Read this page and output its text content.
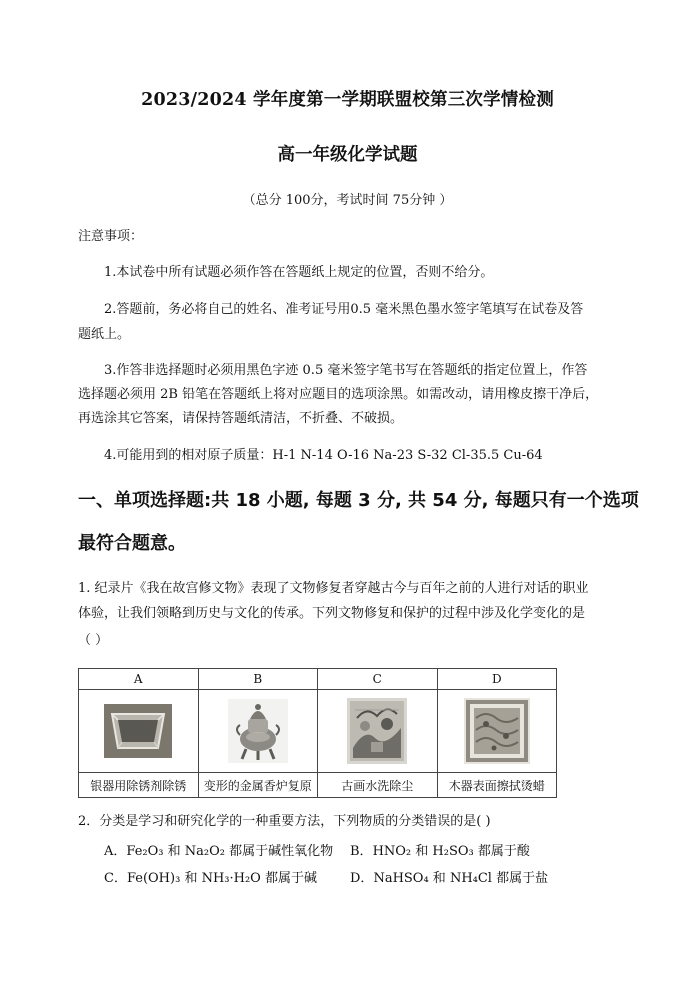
2023/2024 学年度第一学期联盟校第三次学情检测
高一年级化学试题
（总分 100分，考试时间 75分钟 ）
注意事项：
1.本试卷中所有试题必须作答在答题纸上规定的位置，否则不给分。
2.答题前，务必将自己的姓名、准考证号用0.5 毫米黑色墨水签字笔填写在试卷及答
题纸上。
3.作答非选择题时必须用黑色字迹 0.5 毫米签字笔书写在答题纸的指定位置上，作答
选择题必须用 2B 铅笔在答题纸上将对应题目的选项涂黑。如需改动，请用橡皮擦干净后，
再选涂其它答案，请保持答题纸清洁，不折叠、不破损。
4.可能用到的相对原子质量：H-1 N-14 O-16 Na-23 S-32 Cl-35.5 Cu-64
一、单项选择题:共 18 小题, 每题 3 分, 共 54 分, 每题只有一个选项
最符合题意。
1. 纪录片《我在故宫修文物》表现了文物修复者穿越古今与百年之前的人进行对话的职业
体验，让我们领略到历史与文化的传承。下列文物修复和保护的过程中涉及化学变化的是
（ ）
A	B	C	D

银器用除锈剂除锈	变形的金属香炉复原	古画水洗除尘	木器表面擦拭烫蜡
2．分类是学习和研究化学的一种重要方法，下列物质的分类错误的是( )
A．Fe₂O₃ 和 Na₂O₂ 都属于碱性氧化物 B．HNO₂ 和 H₂SO₃ 都属于酸
C．Fe(OH)₃ 和 NH₃·H₂O 都属于碱	D．NaHSO₄ 和 NH₄Cl 都属于盐
